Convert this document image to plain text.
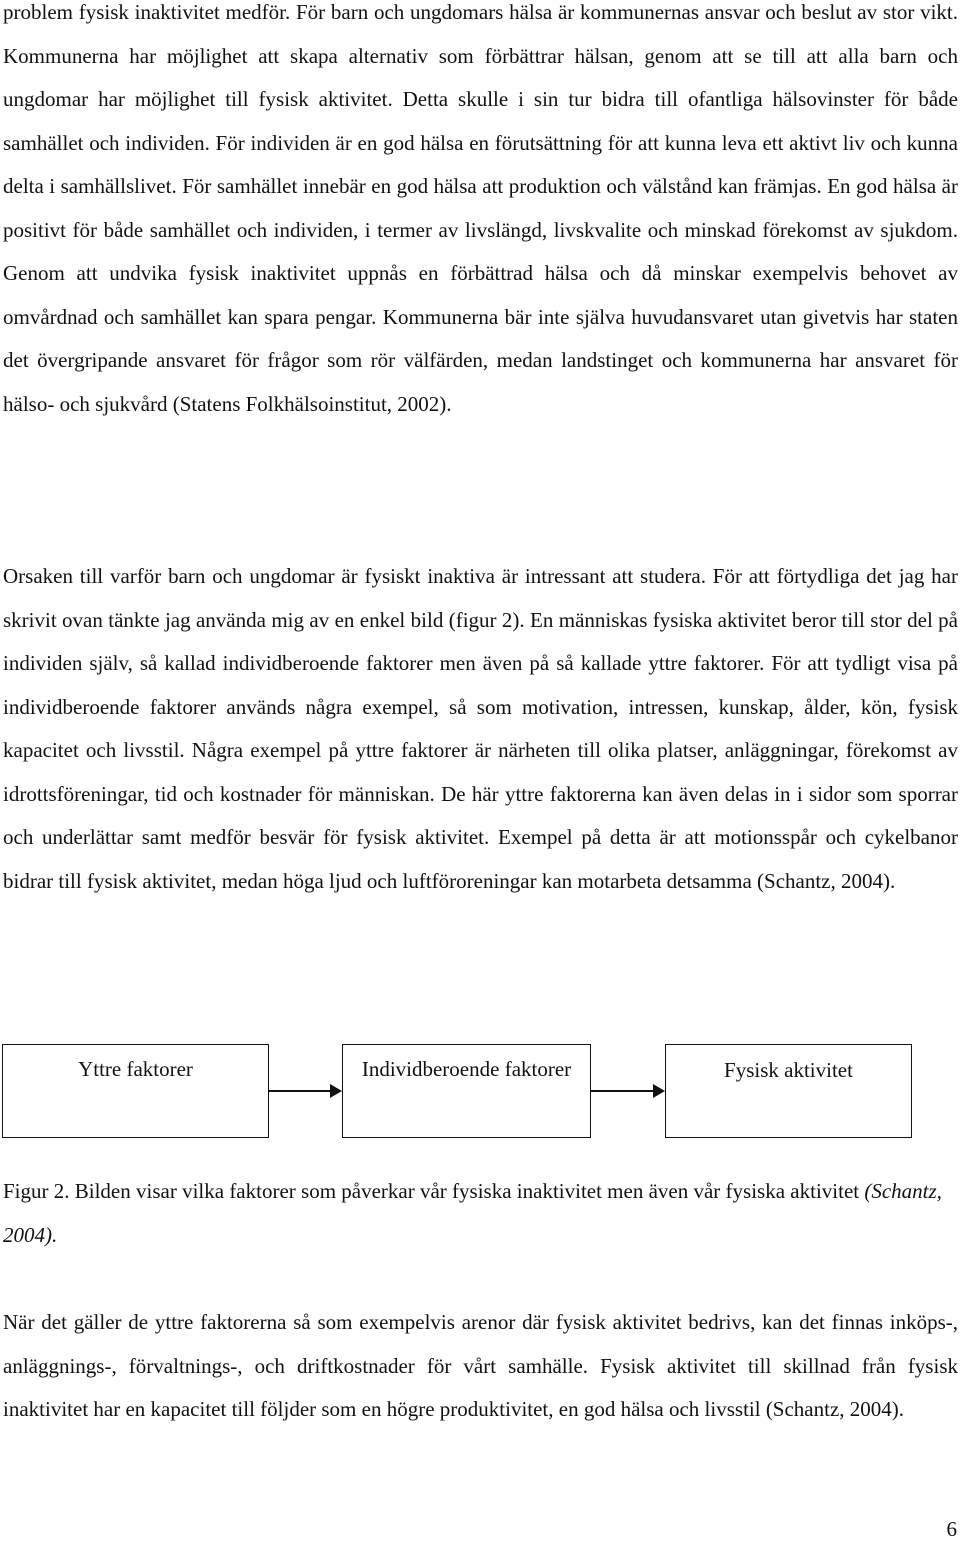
problem fysisk inaktivitet medför. För barn och ungdomars hälsa är kommunernas ansvar och beslut av stor vikt. Kommunerna har möjlighet att skapa alternativ som förbättrar hälsan, genom att se till att alla barn och ungdomar har möjlighet till fysisk aktivitet. Detta skulle i sin tur bidra till ofantliga hälsovinster för både samhället och individen. För individen är en god hälsa en förutsättning för att kunna leva ett aktivt liv och kunna delta i samhällslivet. För samhället innebär en god hälsa att produktion och välstånd kan främjas. En god hälsa är positivt för både samhället och individen, i termer av livslängd, livskvalite och minskad förekomst av sjukdom. Genom att undvika fysisk inaktivitet uppnås en förbättrad hälsa och då minskar exempelvis behovet av omvårdnad och samhället kan spara pengar. Kommunerna bär inte själva huvudansvaret utan givetvis har staten det övergripande ansvaret för frågor som rör välfärden, medan landstinget och kommunerna har ansvaret för hälso- och sjukvård (Statens Folkhälsoinstitut, 2002).

Orsaken till varför barn och ungdomar är fysiskt inaktiva är intressant att studera. För att förtydliga det jag har skrivit ovan tänkte jag använda mig av en enkel bild (figur 2). En människas fysiska aktivitet beror till stor del på individen själv, så kallad individberoende faktorer men även på så kallade yttre faktorer. För att tydligt visa på individberoende faktorer används några exempel, så som motivation, intressen, kunskap, ålder, kön, fysisk kapacitet och livsstil. Några exempel på yttre faktorer är närheten till olika platser, anläggningar, förekomst av idrottsföreningar, tid och kostnader för människan. De här yttre faktorerna kan även delas in i sidor som sporrar och underlättar samt medför besvär för fysisk aktivitet. Exempel på detta är att motionsspår och cykelbanor bidrar till fysisk aktivitet, medan höga ljud och luftföroreningar kan motarbeta detsamma (Schantz, 2004).

Yttre faktorer	Individberoende faktorer	Fysisk aktivitet

Figur 2. Bilden visar vilka faktorer som påverkar vår fysiska inaktivitet men även vår fysiska aktivitet (Schantz, 2004).

När det gäller de yttre faktorerna så som exempelvis arenor där fysisk aktivitet bedrivs, kan det finnas inköps-, anläggnings-, förvaltnings-, och driftkostnader för vårt samhälle. Fysisk aktivitet till skillnad från fysisk inaktivitet har en kapacitet till följder som en högre produktivitet, en god hälsa och livsstil (Schantz, 2004).

6
